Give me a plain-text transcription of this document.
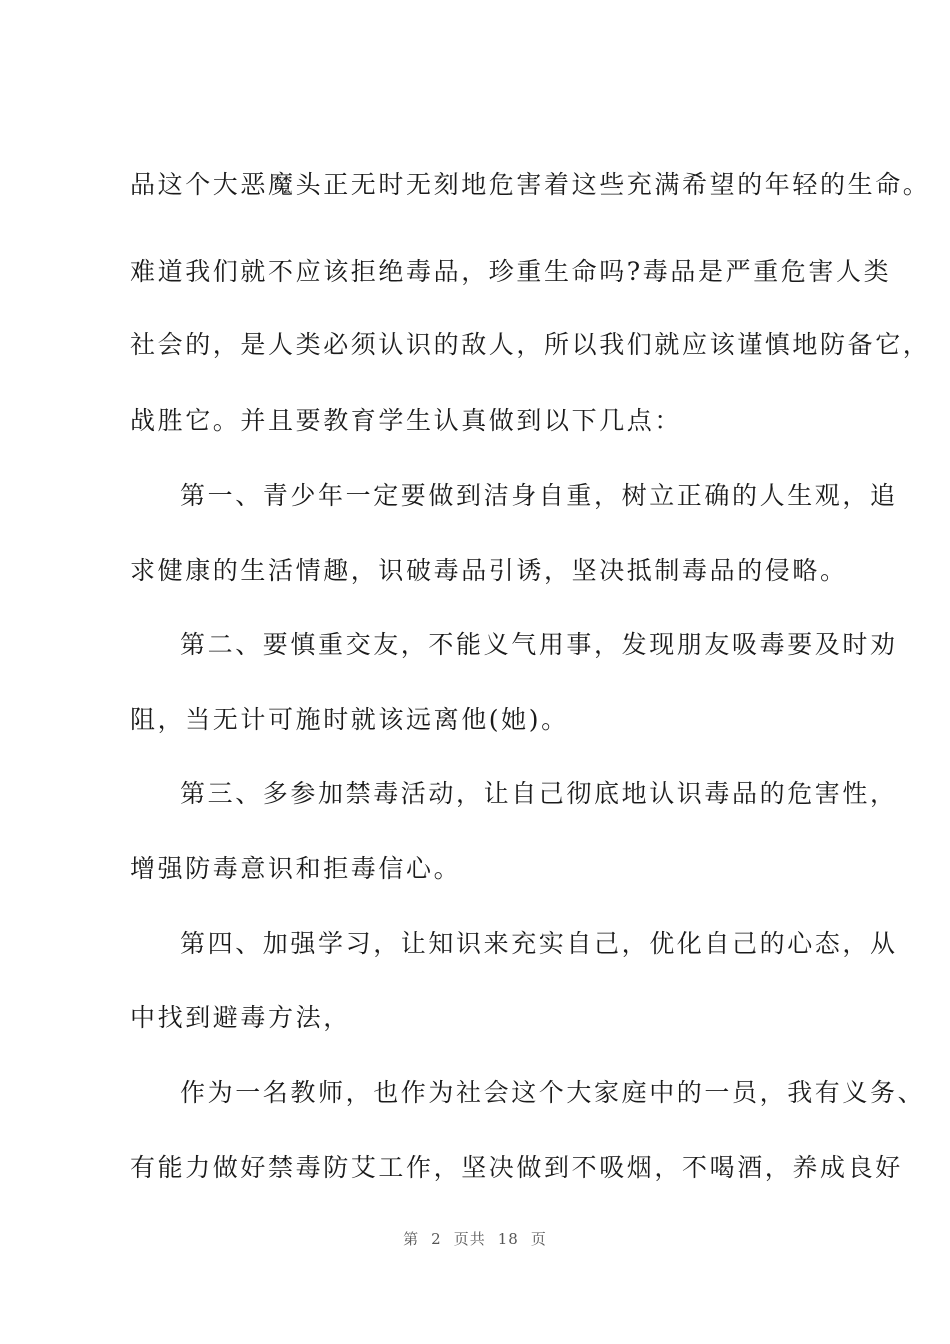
品这个大恶魔头正无时无刻地危害着这些充满希望的年轻的生命。
难道我们就不应该拒绝毒品，珍重生命吗?毒品是严重危害人类
社会的，是人类必须认识的敌人，所以我们就应该谨慎地防备它，
战胜它。并且要教育学生认真做到以下几点：
第一、青少年一定要做到洁身自重，树立正确的人生观，追
求健康的生活情趣，识破毒品引诱，坚决抵制毒品的侵略。
第二、要慎重交友，不能义气用事，发现朋友吸毒要及时劝
阻，当无计可施时就该远离他(她)。
第三、多参加禁毒活动，让自己彻底地认识毒品的危害性，
增强防毒意识和拒毒信心。
第四、加强学习，让知识来充实自己，优化自己的心态，从
中找到避毒方法，
作为一名教师，也作为社会这个大家庭中的一员，我有义务、
有能力做好禁毒防艾工作，坚决做到不吸烟，不喝酒，养成良好
第 2 页共 18 页
